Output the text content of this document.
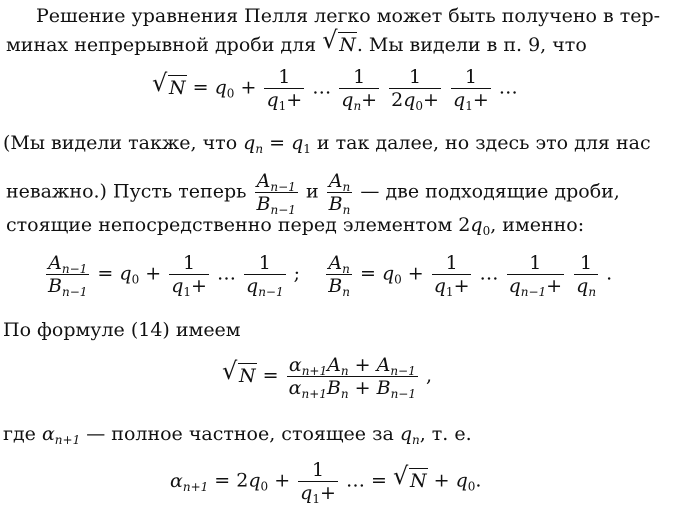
Решение уравнения Пелля легко может быть получено в тер-
минах непрерывной дроби для √ N. Мы видели в п. 9, что
√ $N = q_0 + \frac{1}{q_1+}$ … $\frac{1}{q_n+}$
$\frac{1}{2q_0+}$
$\frac{1}{q_1+}$ …
(Мы видели также, что $q_n = q_1$ и так далее, но здесь это для нас
неважно.) Пусть теперь $\frac{A_{n-1}}{B_{n-1}}$ и $\frac{A_n}{B_n}$ — две подходящие дроби,
стоящие непосредственно перед элементом $2q_0$, именно:
$\frac{A_{n-1}}{B_{n-1}} = q_0 + \frac{1}{q_1+}$ … $\frac{1}{q_{n-1}}$ ; $\frac{A_n}{B_n} = q_0 + \frac{1}{q_1+}$ … $\frac{1}{q_{n-1}+}$
$\frac{1}{q_n}$ .
По формуле (14) имеем
√ $N = \frac{\alpha_{n+1}A_n + A_{n-1}}{\alpha_{n+1}B_n + B_{n-1}}$ ,
где $\alpha_{n+1}$ — полное частное, стоящее за $q_n$, т. е.
$\alpha_{n+1} = 2q_0 + \frac{1}{q_1+}$ … = √ $N + q_0$.
